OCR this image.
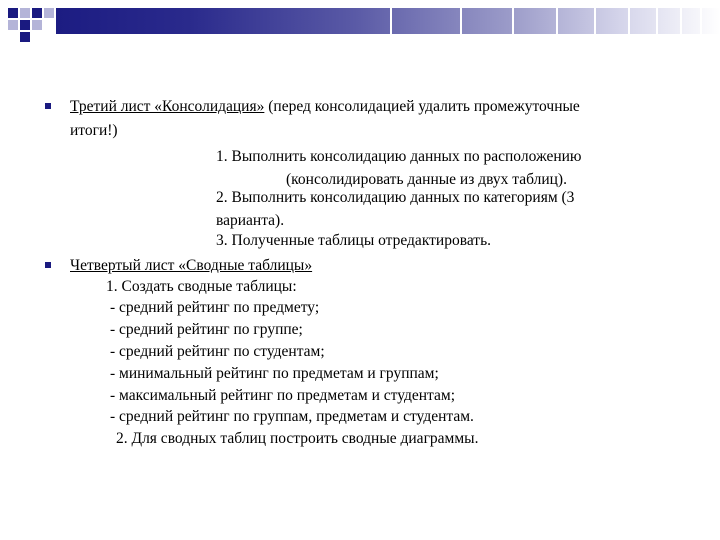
Третий лист «Консолидация» (перед консолидацией удалить промежуточные
итоги!)
1. Выполнить консолидацию данных по расположению
(консолидировать данные из двух таблиц).
2. Выполнить консолидацию данных по категориям (3
варианта).
3. Полученные таблицы отредактировать.
Четвертый лист «Сводные таблицы»
1. Создать сводные таблицы:
- средний рейтинг по предмету;
- средний рейтинг по группе;
- средний рейтинг по студентам;
- минимальный рейтинг по предметам и группам;
- максимальный рейтинг по предметам и студентам;
- средний рейтинг по группам, предметам и студентам.
2. Для сводных таблиц построить сводные диаграммы.
